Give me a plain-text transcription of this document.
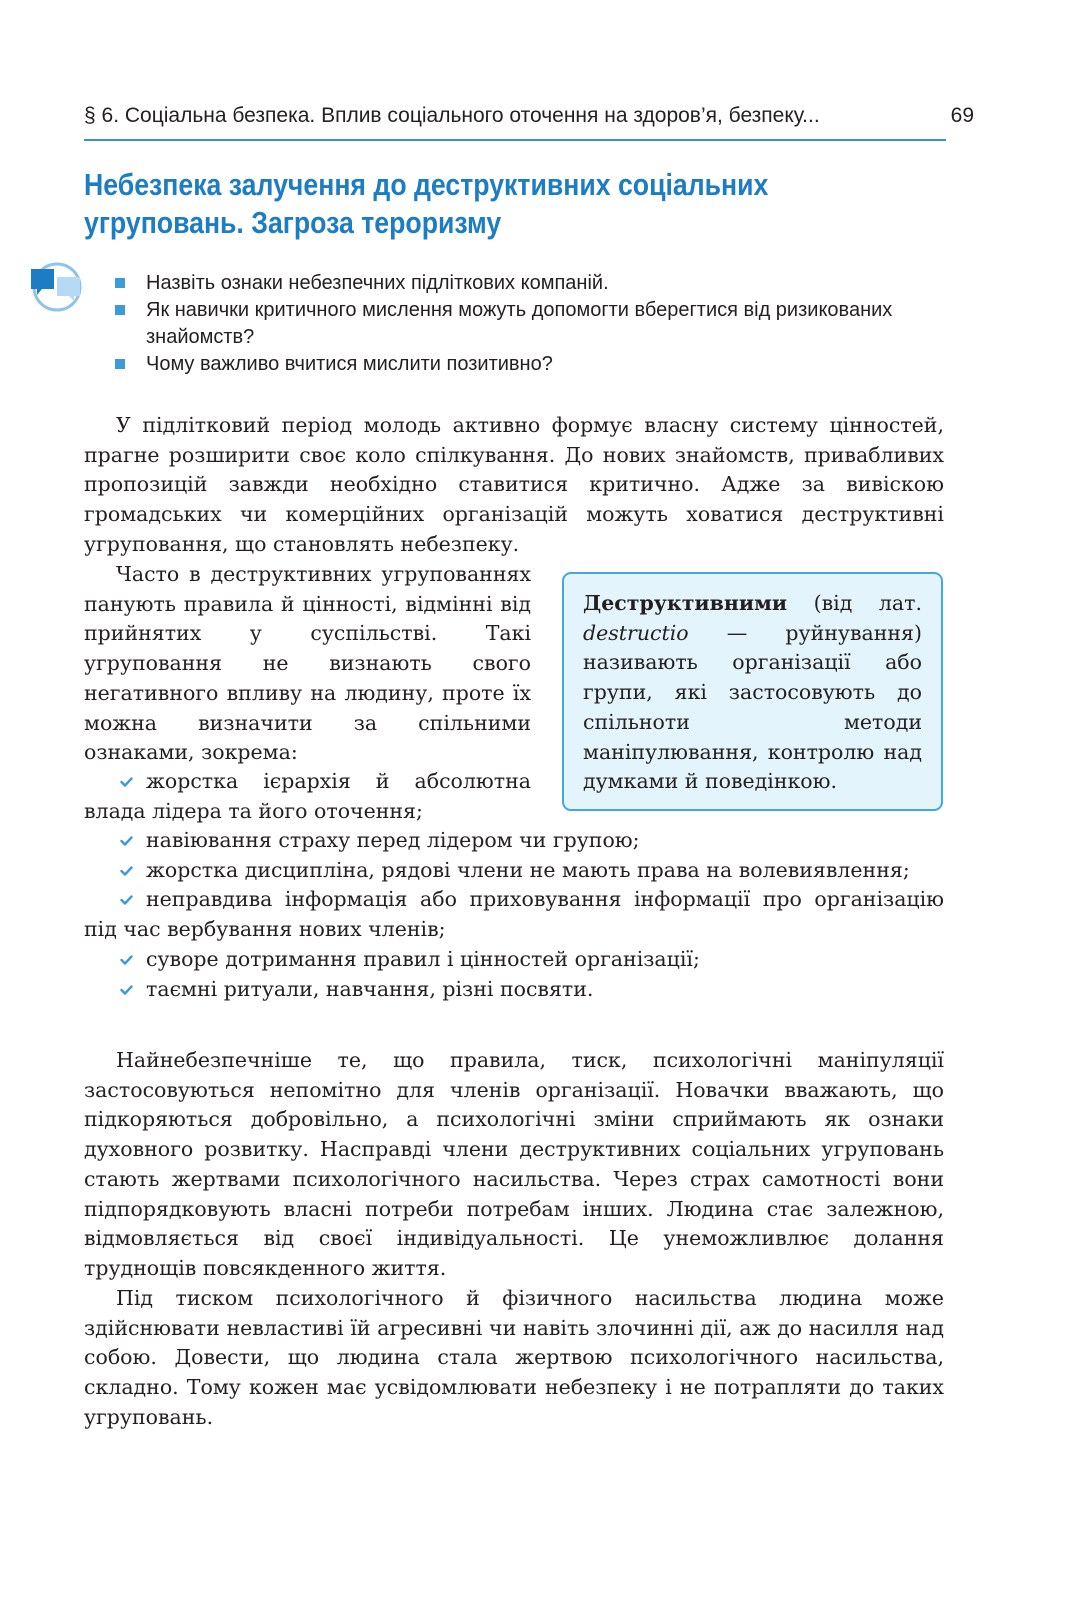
§ 6. Соціальна безпека. Вплив соціального оточення на здоров’я, безпеку...	69
Небезпека залучення до деструктивних соціальних
угруповань. Загроза тероризму

Назвіть ознаки небезпечних підліткових компаній.

Як навички критичного мислення можуть допомогти вберегтися від ризикованих знайомств?

Чому важливо вчитися мислити позитивно?

У підлітковий період молодь активно формує власну систему цінностей, прагне розширити своє коло спілкування. До нових знайомств, привабливих пропозицій завжди необхідно ставитися критично. Адже за вивіскою громадських чи комерційних організацій можуть ховатися деструктивні угруповання, що становлять небезпеку.

Часто в деструктивних угрупованнях панують правила й цінності, відмінні від прийнятих у суспільстві. Такі угруповання не визнають свого негативного впливу на людину, проте їх можна визначити за спільними ознаками, зокрема:

Деструктивними (від лат. destructio — руйнування) називають організації або групи, які застосовують до спільноти методи маніпулювання, контролю над думками й поведінкою.

жорстка ієрархія й абсолютна влада лідера та його оточення;

навіювання страху перед лідером чи групою;

жорстка дисципліна, рядові члени не мають права на волевиявлення;

неправдива інформація або приховування інформації про організацію під час вербування нових членів;

суворе дотримання правил і цінностей організації;

таємні ритуали, навчання, різні посвяти.

Найнебезпечніше те, що правила, тиск, психологічні маніпуляції застосовуються непомітно для членів організації. Новачки вважають, що підкоряються добровільно, а психологічні зміни сприймають як ознаки духовного розвитку. Насправді члени деструктивних соціальних угруповань стають жертвами психологічного насильства. Через страх самотності вони підпорядковують власні потреби потребам інших. Людина стає залежною, відмовляється від своєї індивідуальності. Це унеможливлює долання труднощів повсякденного життя.

Під тиском психологічного й фізичного насильства людина може здійснювати невластиві їй агресивні чи навіть злочинні дії, аж до насилля над собою. Довести, що людина стала жертвою психологічного насильства, складно. Тому кожен має усвідомлювати небезпеку і не потрапляти до таких угруповань.
